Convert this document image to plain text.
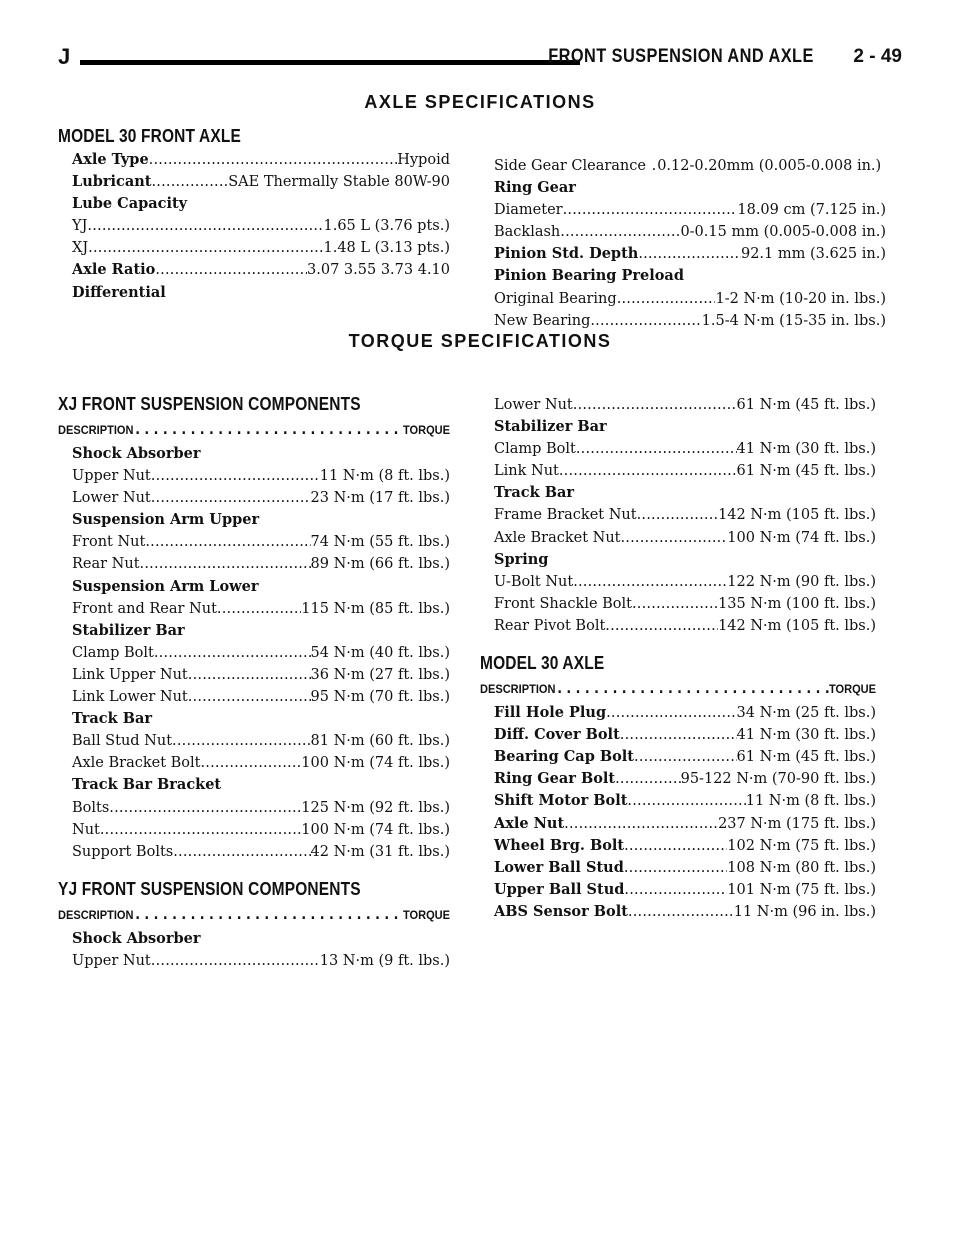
J	FRONT SUSPENSION AND AXLE 2 - 49
AXLE SPECIFICATIONS
MODEL 30 FRONT AXLE
Axle Type .....	Hypoid
Lubricant .....	SAE Thermally Stable 80W-90
Lube Capacity
YJ .....	1.65 L (3.76 pts.)
XJ .....	1.48 L (3.13 pts.)
Axle Ratio .....	3.07 3.55 3.73 4.10
Differential
Side Gear Clearance . 0.12-0.20mm (0.005-0.008 in.)
Ring Gear
Diameter .....	18.09 cm (7.125 in.)
Backlash .....	0-0.15 mm (0.005-0.008 in.)
Pinion Std. Depth .....	92.1 mm (3.625 in.)
Pinion Bearing Preload
Original Bearing .....	1-2 N·m (10-20 in. lbs.)
New Bearing .....	1.5-4 N·m (15-35 in. lbs.)
TORQUE SPECIFICATIONS
XJ FRONT SUSPENSION COMPONENTS
DESCRIPTION .....	TORQUE
Shock Absorber
Upper Nut .....	11 N·m (8 ft. lbs.)
Lower Nut .....	23 N·m (17 ft. lbs.)
Suspension Arm Upper
Front Nut .....	74 N·m (55 ft. lbs.)
Rear Nut .....	89 N·m (66 ft. lbs.)
Suspension Arm Lower
Front and Rear Nut .....	115 N·m (85 ft. lbs.)
Stabilizer Bar
Clamp Bolt .....	54 N·m (40 ft. lbs.)
Link Upper Nut .....	36 N·m (27 ft. lbs.)
Link Lower Nut .....	95 N·m (70 ft. lbs.)
Track Bar
Ball Stud Nut .....	81 N·m (60 ft. lbs.)
Axle Bracket Bolt .....	100 N·m (74 ft. lbs.)
Track Bar Bracket
Bolts .....	125 N·m (92 ft. lbs.)
Nut .....	100 N·m (74 ft. lbs.)
Support Bolts .....	42 N·m (31 ft. lbs.)
YJ FRONT SUSPENSION COMPONENTS
DESCRIPTION .....	TORQUE
Shock Absorber
Upper Nut .....	13 N·m (9 ft. lbs.)
Lower Nut .....	61 N·m (45 ft. lbs.)
Stabilizer Bar
Clamp Bolt .....	41 N·m (30 ft. lbs.)
Link Nut .....	61 N·m (45 ft. lbs.)
Track Bar
Frame Bracket Nut .....	142 N·m (105 ft. lbs.)
Axle Bracket Nut .....	100 N·m (74 ft. lbs.)
Spring
U-Bolt Nut .....	122 N·m (90 ft. lbs.)
Front Shackle Bolt .....	135 N·m (100 ft. lbs.)
Rear Pivot Bolt .....	142 N·m (105 ft. lbs.)
MODEL 30 AXLE
DESCRIPTION .....	TORQUE
Fill Hole Plug .....	34 N·m (25 ft. lbs.)
Diff. Cover Bolt .....	41 N·m (30 ft. lbs.)
Bearing Cap Bolt .....	61 N·m (45 ft. lbs.)
Ring Gear Bolt .....	95-122 N·m (70-90 ft. lbs.)
Shift Motor Bolt .....	11 N·m (8 ft. lbs.)
Axle Nut .....	237 N·m (175 ft. lbs.)
Wheel Brg. Bolt .....	102 N·m (75 ft. lbs.)
Lower Ball Stud .....	108 N·m (80 ft. lbs.)
Upper Ball Stud .....	101 N·m (75 ft. lbs.)
ABS Sensor Bolt .....	11 N·m (96 in. lbs.)
